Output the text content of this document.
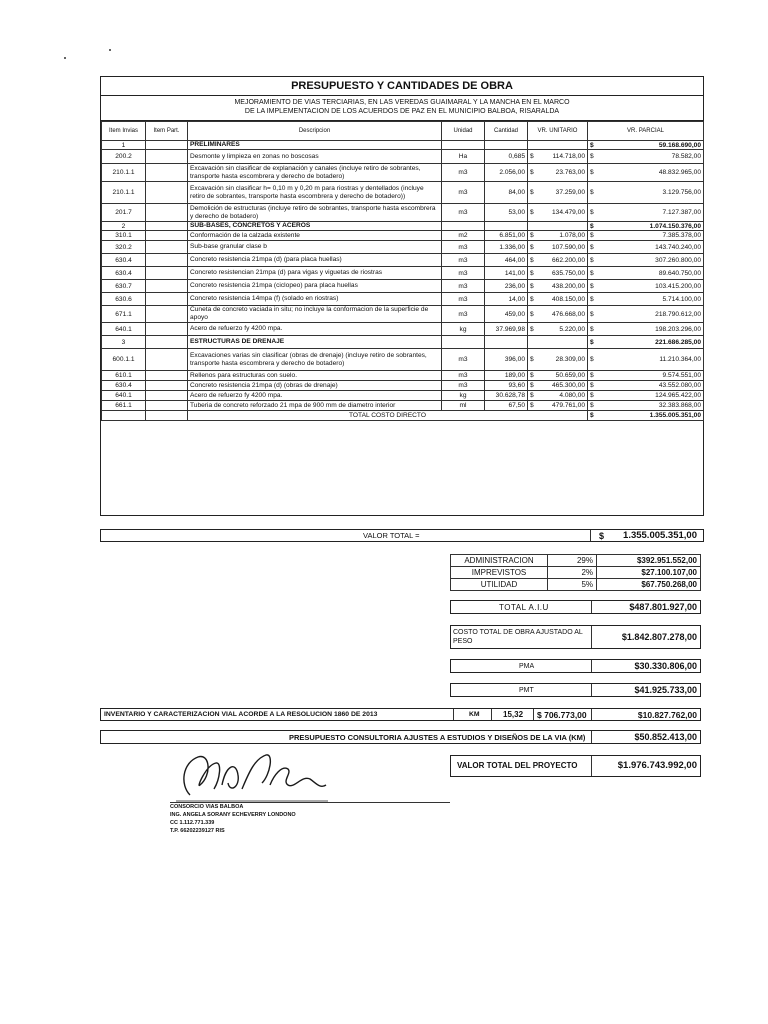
PRESUPUESTO Y CANTIDADES DE OBRA
MEJORAMIENTO DE VIAS TERCIARIAS, EN LAS VEREDAS GUAIMARAL Y LA MANCHA EN EL MARCO
DE LA IMPLEMENTACION DE LOS ACUERDOS DE PAZ EN EL MUNICIPIO BALBOA, RISARALDA
Item Invias	Item Part.	Descripcion	Unidad	Cantidad	VR. UNITARIO	VR. PARCIAL
1		PRELIMINARES				$ 59.168.690,00

200.2		Desmonte y limpieza en zonas no boscosas	Ha	0,685	$ 114.718,00	$ 78.582,00

210.1.1		Excavación sin clasificar de explanación y canales (incluye retiro de sobrantes, transporte hasta escombrera y derecho de botadero)	m3	2.056,00	$ 23.763,00	$ 48.832.965,00

210.1.1		Excavación sin clasificar h= 0,10 m y 0,20 m para riostras y dentellados (incluye retiro de sobrantes, transporte hasta escombrera y derecho de botadero))	m3	84,00	$ 37.259,00	$ 3.129.756,00

201.7		Demolición de estructuras (incluye retiro de sobrantes, transporte hasta escombrera y derecho de botadero)	m3	53,00	$ 134.479,00	$ 7.127.387,00

2		SUB-BASES, CONCRETOS Y ACEROS				$ 1.074.150.376,00

310.1		Conformación de la calzada existente	m2	6.851,00	$ 1.078,00	$ 7.385.378,00

320.2		Sub-base granular clase b	m3	1.336,00	$ 107.590,00	$ 143.740.240,00

630.4		Concreto resistencia 21mpa (d) (para placa huellas)	m3	464,00	$ 662.200,00	$ 307.260.800,00

630.4		Concreto resistencian 21mpa (d) para vigas y viguetas de riostras	m3	141,00	$ 635.750,00	$ 89.640.750,00

630.7		Concreto resistencia 21mpa (ciclopeo) para placa huellas	m3	236,00	$ 438.200,00	$ 103.415.200,00

630.6		Concreto resistencia 14mpa (f) (solado en riostras)	m3	14,00	$ 408.150,00	$ 5.714.100,00

671.1		Cuneta de concreto vaciada in situ; no incluye la conformacion de la superficie de apoyo	m3	459,00	$ 476.668,00	$ 218.790.612,00

640.1		Acero de refuerzo fy 4200 mpa.	kg	37.969,98	$ 5.220,00	$ 198.203.296,00

3		ESTRUCTURAS DE DRENAJE				$ 221.686.285,00

600.1.1		Excavaciones varias sin clasificar (obras de drenaje) (incluye retiro de sobrantes, transporte hasta escombrera y derecho de botadero)	m3	396,00	$ 28.309,00	$ 11.210.364,00

610.1		Rellenos para estructuras con suelo.	m3	189,00	$ 50.659,00	$ 9.574.551,00

630.4		Concreto resistencia 21mpa (d) (obras de drenaje)	m3	93,60	$ 465.300,00	$ 43.552.080,00

640.1		Acero de refuerzo fy 4200 mpa.	kg	30.628,78	$ 4.080,00	$ 124.965.422,00

661.1		Tuberia de concreto reforzado 21 mpa de 900 mm de diametro interior	ml	67,50	$ 479.761,00	$ 32.383.868,00

		TOTAL COSTO DIRECTO				$ 1.355.005.351,00
VALOR TOTAL =	$ 1.355.005.351,00
ADMINISTRACION	29%	$392.951.552,00
IMPREVISTOS	2%	$27.100.107,00
UTILIDAD	5%	$67.750.268,00
TOTAL A.I.U	$487.801.927,00
COSTO TOTAL DE OBRA AJUSTADO AL PESO	$1.842.807.278,00
PMA	$30.330.806,00
PMT	$41.925.733,00
INVENTARIO Y CARACTERIZACION VIAL ACORDE A LA RESOLUCION 1860 DE 2013	KM	15,32 $ 706.773,00	$10.827.762,00
PRESUPUESTO CONSULTORIA AJUSTES A ESTUDIOS Y DISEÑOS DE LA VIA (KM)	$50.852.413,00
VALOR TOTAL DEL PROYECTO	$1.976.743.992,00
CONSORCIO VIAS BALBOA
ING. ANGELA SORANY ECHEVERRY LONDONO
CC 1.112.771.339
T.P. 66202239127 RIS
